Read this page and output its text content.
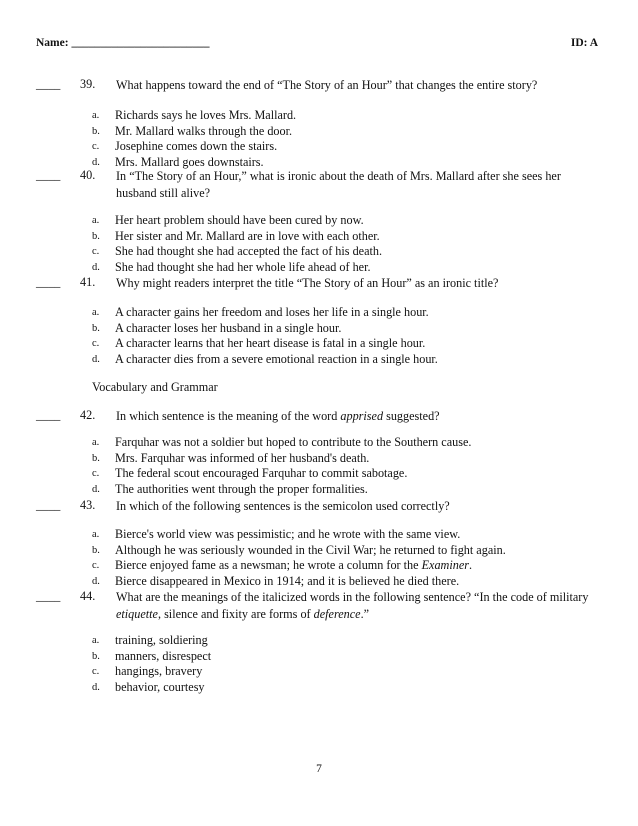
Name: ________________________	ID: A
____ 39.	What happens toward the end of “The Story of an Hour” that changes the entire story?
a. Richards says he loves Mrs. Mallard.
b. Mr. Mallard walks through the door.
c. Josephine comes down the stairs.
d. Mrs. Mallard goes downstairs.
____ 40.	In “The Story of an Hour,” what is ironic about the death of Mrs. Mallard after she sees her husband still alive?
a. Her heart problem should have been cured by now.
b. Her sister and Mr. Mallard are in love with each other.
c. She had thought she had accepted the fact of his death.
d. She had thought she had her whole life ahead of her.
____ 41.	Why might readers interpret the title “The Story of an Hour” as an ironic title?
a. A character gains her freedom and loses her life in a single hour.
b. A character loses her husband in a single hour.
c. A character learns that her heart disease is fatal in a single hour.
d. A character dies from a severe emotional reaction in a single hour.
Vocabulary and Grammar
____ 42.	In which sentence is the meaning of the word apprised suggested?
a. Farquhar was not a soldier but hoped to contribute to the Southern cause.
b. Mrs. Farquhar was informed of her husband's death.
c. The federal scout encouraged Farquhar to commit sabotage.
d. The authorities went through the proper formalities.
____ 43.	In which of the following sentences is the semicolon used correctly?
a. Bierce's world view was pessimistic; and he wrote with the same view.
b. Although he was seriously wounded in the Civil War; he returned to fight again.
c. Bierce enjoyed fame as a newsman; he wrote a column for the Examiner.
d. Bierce disappeared in Mexico in 1914; and it is believed he died there.
____ 44.	What are the meanings of the italicized words in the following sentence? “In the code of military etiquette, silence and fixity are forms of deference.”
a. training, soldiering
b. manners, disrespect
c. hangings, bravery
d. behavior, courtesy
7
